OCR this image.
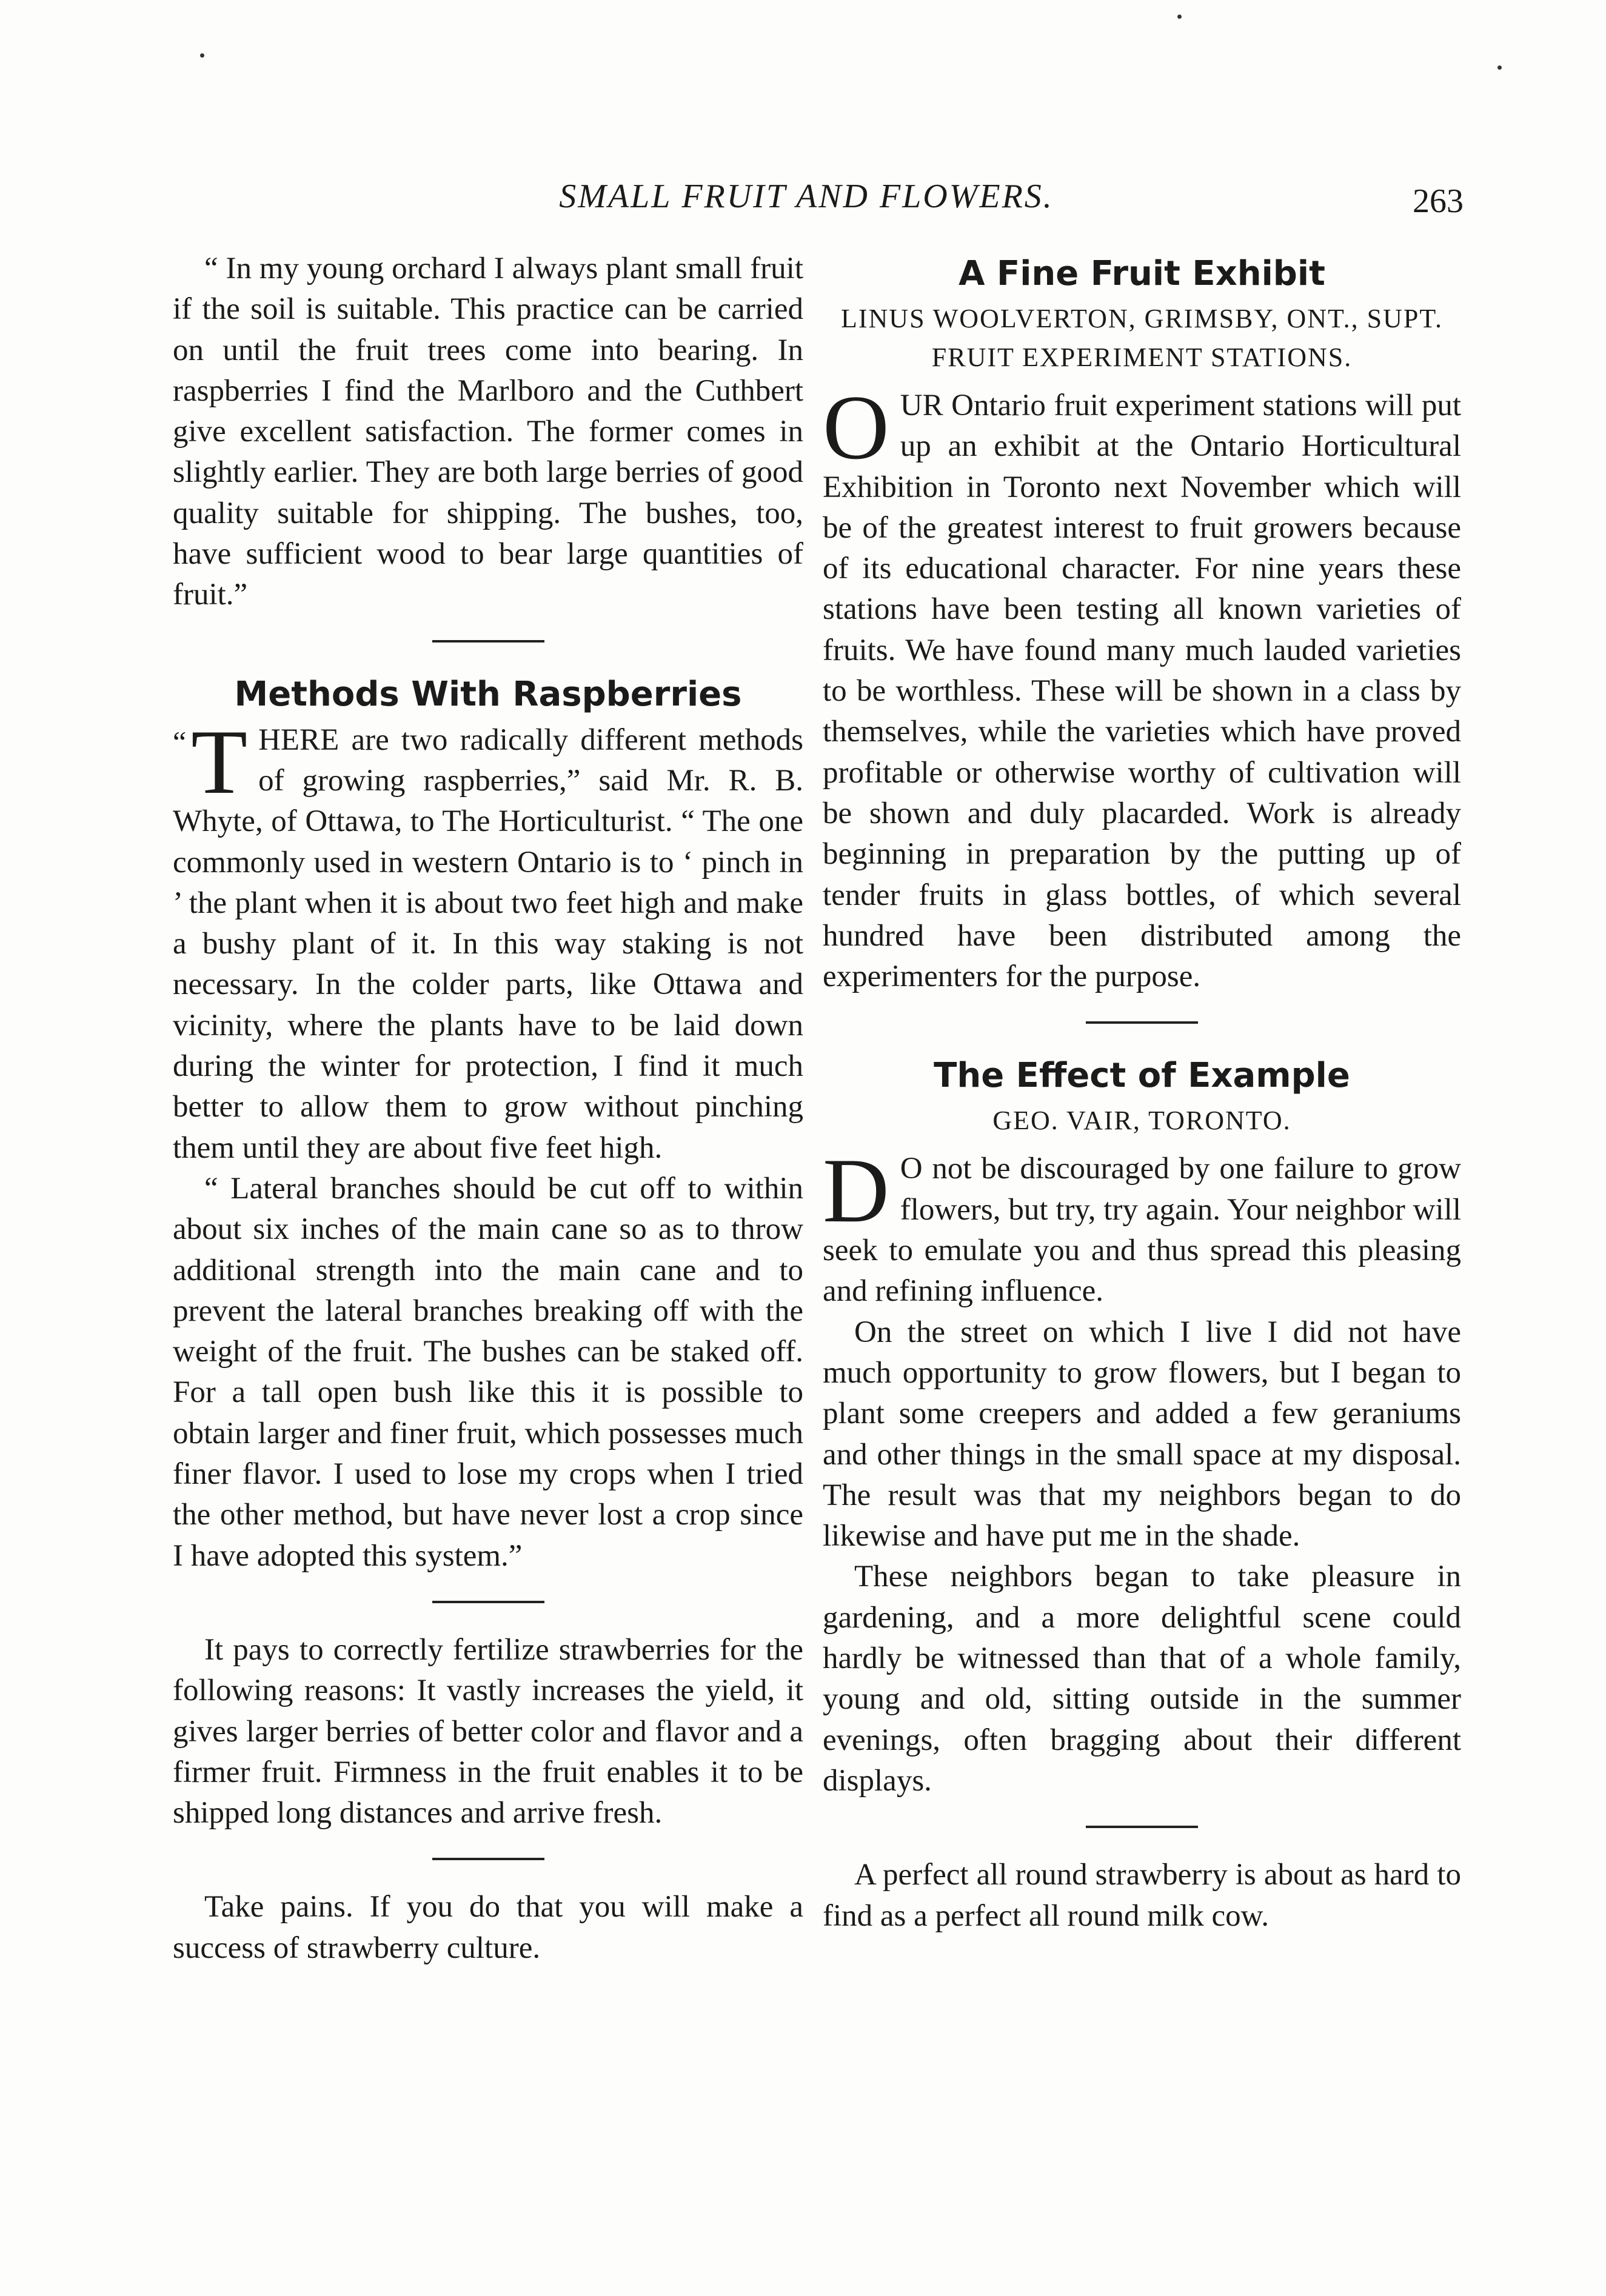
SMALL FRUIT AND FLOWERS.	263

“ In my young orchard I always plant small fruit if the soil is suitable. This practice can be carried on until the fruit trees come into bearing. In raspberries I find the Marlboro and the Cuthbert give excellent satisfaction. The former comes in slightly earlier. They are both large berries of good quality suitable for shipping. The bushes, too, have sufficient wood to bear large quantities of fruit.”

Methods With Raspberries

“ T HERE are two radically different methods of growing raspberries,” said Mr. R. B. Whyte, of Ottawa, to The Horticulturist. “ The one commonly used in western Ontario is to ‘ pinch in ’ the plant when it is about two feet high and make a bushy plant of it. In this way staking is not necessary. In the colder parts, like Ottawa and vicinity, where the plants have to be laid down during the winter for protection, I find it much better to allow them to grow without pinching them until they are about five feet high.

“ Lateral branches should be cut off to within about six inches of the main cane so as to throw additional strength into the main cane and to prevent the lateral branches breaking off with the weight of the fruit. The bushes can be staked off. For a tall open bush like this it is possible to obtain larger and finer fruit, which possesses much finer flavor. I used to lose my crops when I tried the other method, but have never lost a crop since I have adopted this system.”

It pays to correctly fertilize strawberries for the following reasons: It vastly increases the yield, it gives larger berries of better color and flavor and a firmer fruit. Firmness in the fruit enables it to be shipped long distances and arrive fresh.

Take pains. If you do that you will make a success of strawberry culture.

A Fine Fruit Exhibit

LINUS WOOLVERTON, GRIMSBY, ONT., SUPT.

FRUIT EXPERIMENT STATIONS.

O UR Ontario fruit experiment stations will put up an exhibit at the Ontario Horticultural Exhibition in Toronto next November which will be of the greatest interest to fruit growers because of its educational character. For nine years these stations have been testing all known varieties of fruits. We have found many much lauded varieties to be worthless. These will be shown in a class by themselves, while the varieties which have proved profitable or otherwise worthy of cultivation will be shown and duly placarded. Work is already beginning in preparation by the putting up of tender fruits in glass bottles, of which several hundred have been distributed among the experimenters for the purpose.

The Effect of Example

GEO. VAIR, TORONTO.

D O not be discouraged by one failure to grow flowers, but try, try again. Your neighbor will seek to emulate you and thus spread this pleasing and refining influence.

On the street on which I live I did not have much opportunity to grow flowers, but I began to plant some creepers and added a few geraniums and other things in the small space at my disposal. The result was that my neighbors began to do likewise and have put me in the shade.

These neighbors began to take pleasure in gardening, and a more delightful scene could hardly be witnessed than that of a whole family, young and old, sitting outside in the summer evenings, often bragging about their different displays.

A perfect all round strawberry is about as hard to find as a perfect all round milk cow.
